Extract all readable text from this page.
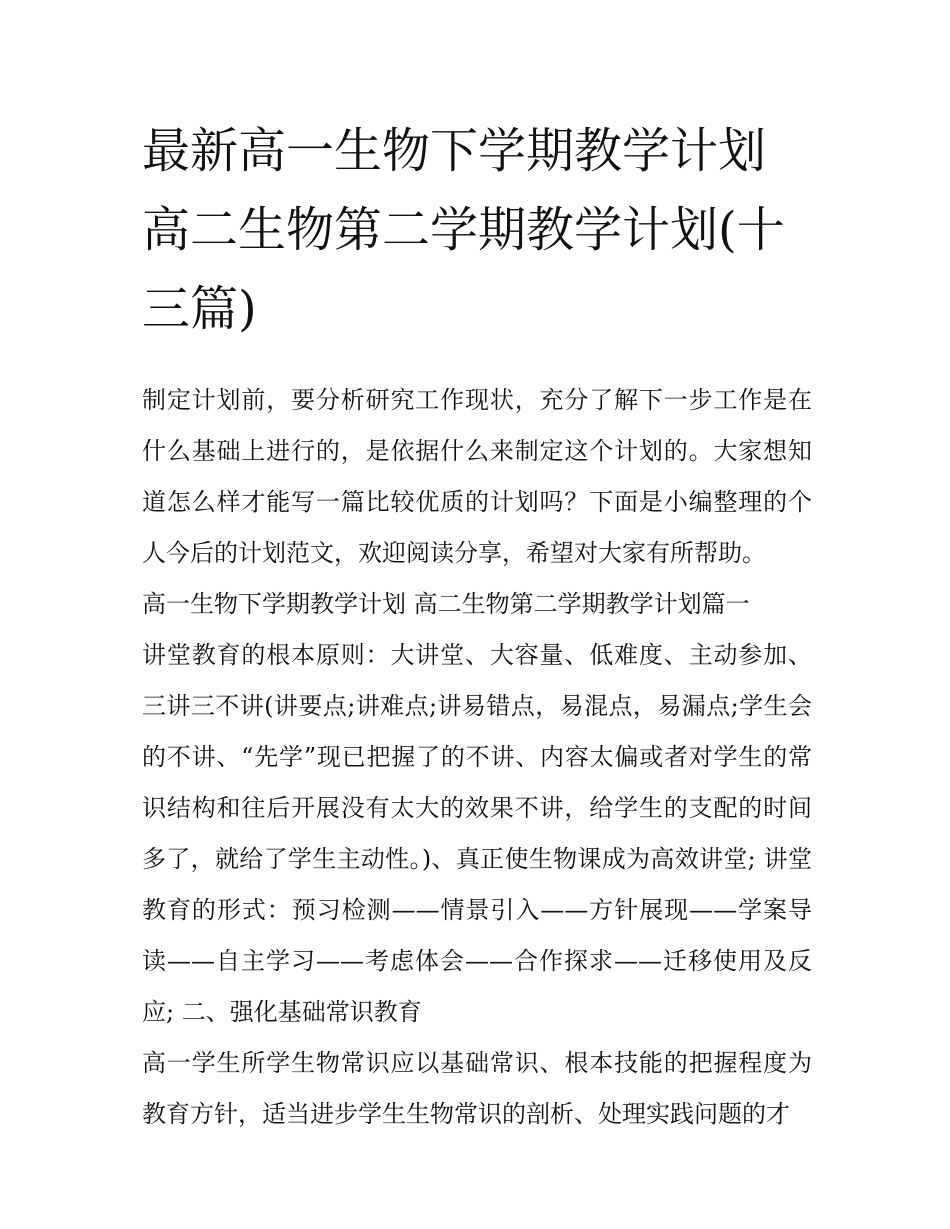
最新高一生物下学期教学计划 高二生物第二学期教学计划(十三篇)

制定计划前，要分析研究工作现状，充分了解下一步工作是在什么基础上进行的，是依据什么来制定这个计划的。大家想知道怎么样才能写一篇比较优质的计划吗？下面是小编整理的个人今后的计划范文，欢迎阅读分享，希望对大家有所帮助。

高一生物下学期教学计划 高二生物第二学期教学计划篇一

讲堂教育的根本原则：大讲堂、大容量、低难度、主动参加、三讲三不讲(讲要点;讲难点;讲易错点，易混点，易漏点;学生会的不讲、“先学”现已把握了的不讲、内容太偏或者对学生的常识结构和往后开展没有太大的效果不讲，给学生的支配的时间多了，就给了学生主动性。)、真正使生物课成为高效讲堂; 讲堂教育的形式：预习检测——情景引入——方针展现——学案导读——自主学习——考虑体会——合作探求——迁移使用及反应; 二、强化基础常识教育

高一学生所学生物常识应以基础常识、根本技能的把握程度为教育方针，适当进步学生生物常识的剖析、处理实践问题的才
